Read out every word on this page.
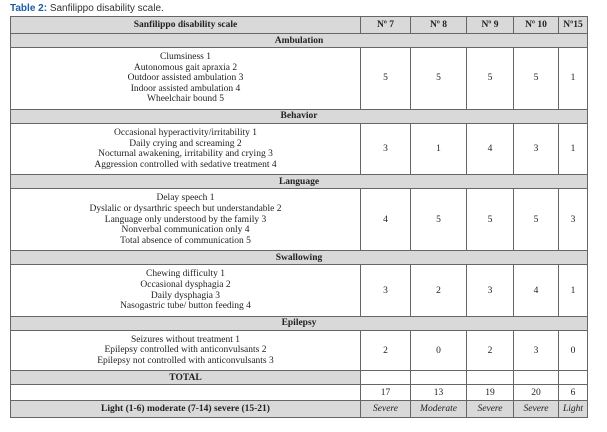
Table 2: Sanfilippo disability scale.
Sanfilippo disability scale	Nº 7	Nº 8	Nº 9	Nº 10	Nº15
Ambulation					

Clumsiness 1
Autonomous gait apraxia 2
Outdoor assisted ambulation 3
Indoor assisted ambulation 4
Wheelchair bound 5	5	5	5	5	1
Behavior					

Occasional hyperactivity/irritability 1
Daily crying and screaming 2
Nocturnal awakening, irritability and crying 3
Aggression controlled with sedative treatment 4	3	1	4	3	1
Language					

Delay speech 1
Dyslalic or dysarthric speech but understandable 2
Language only understood by the family 3
Nonverbal communication only 4
Total absence of communication 5	4	5	5	5	3
Swallowing					

Chewing difficulty 1
Occasional dysphagia 2
Daily dysphagia 3
Nasogastric tube/ button feeding 4	3	2	3	4	1
Epilepsy					

Seizures without treatment 1
Epilepsy controlled with anticonvulsants 2
Epilepsy not controlled with anticonvulsants 3	2	0	2	3	0
TOTAL					
	17	13	19	20	6
Light (1-6) moderate (7-14) severe (15-21)	Severe	Moderate	Severe	Severe	Light
